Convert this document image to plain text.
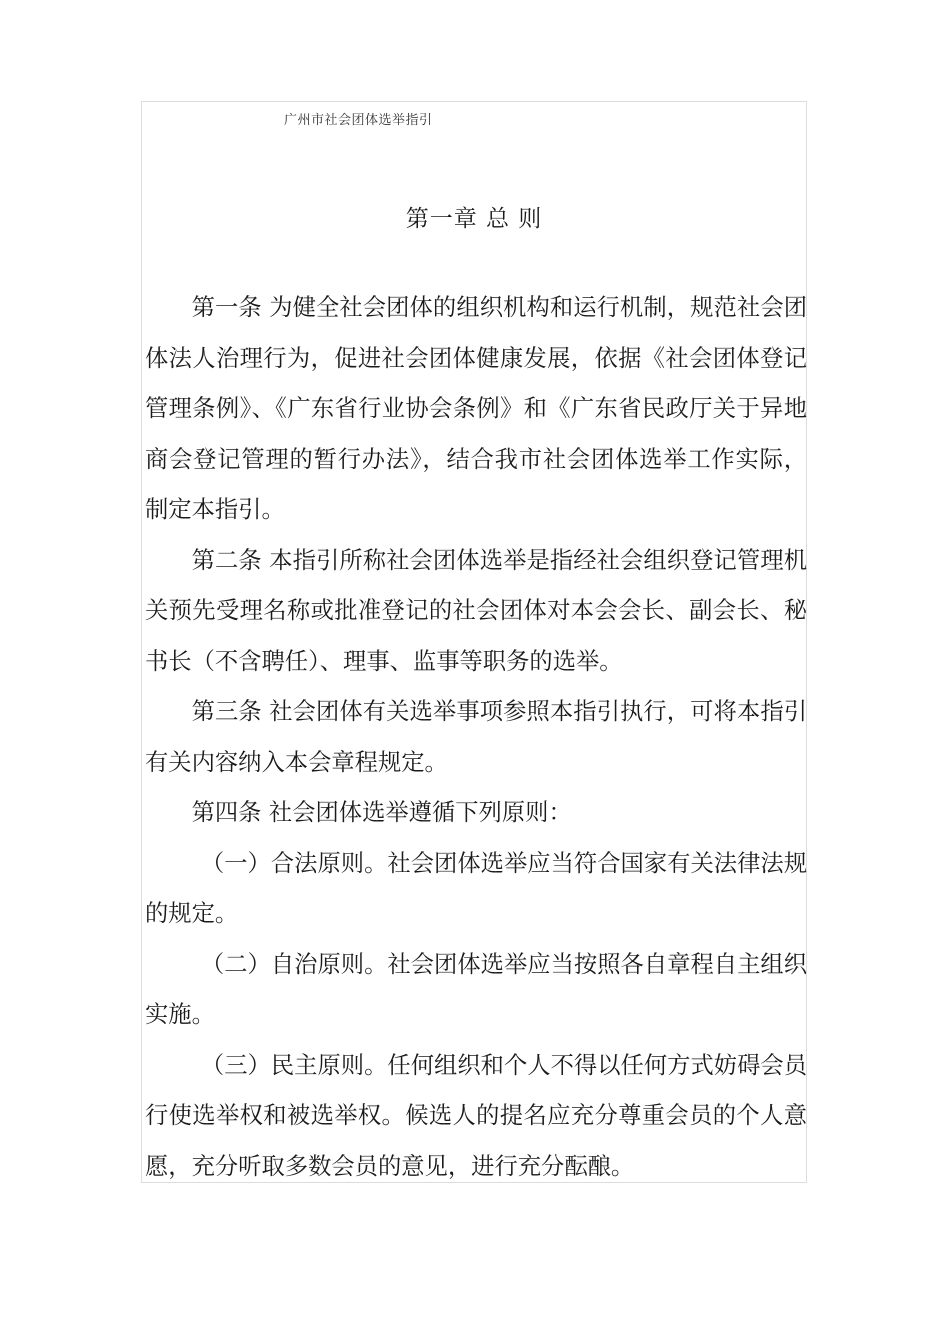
广州市社会团体选举指引
第一章 总 则

第一条 为健全社会团体的组织机构和运行机制，规范社会团体法人治理行为，促进社会团体健康发展，依据《社会团体登记管理条例》、《广东省行业协会条例》和《广东省民政厅关于异地商会登记管理的暂行办法》，结合我市社会团体选举工作实际，制定本指引。

第二条 本指引所称社会团体选举是指经社会组织登记管理机关预先受理名称或批准登记的社会团体对本会会长、副会长、秘书长（不含聘任）、理事、监事等职务的选举。

第三条 社会团体有关选举事项参照本指引执行，可将本指引有关内容纳入本会章程规定。

第四条 社会团体选举遵循下列原则：

（一）合法原则。社会团体选举应当符合国家有关法律法规的规定。

（二）自治原则。社会团体选举应当按照各自章程自主组织实施。

（三）民主原则。任何组织和个人不得以任何方式妨碍会员行使选举权和被选举权。候选人的提名应充分尊重会员的个人意愿，充分听取多数会员的意见，进行充分酝酿。
